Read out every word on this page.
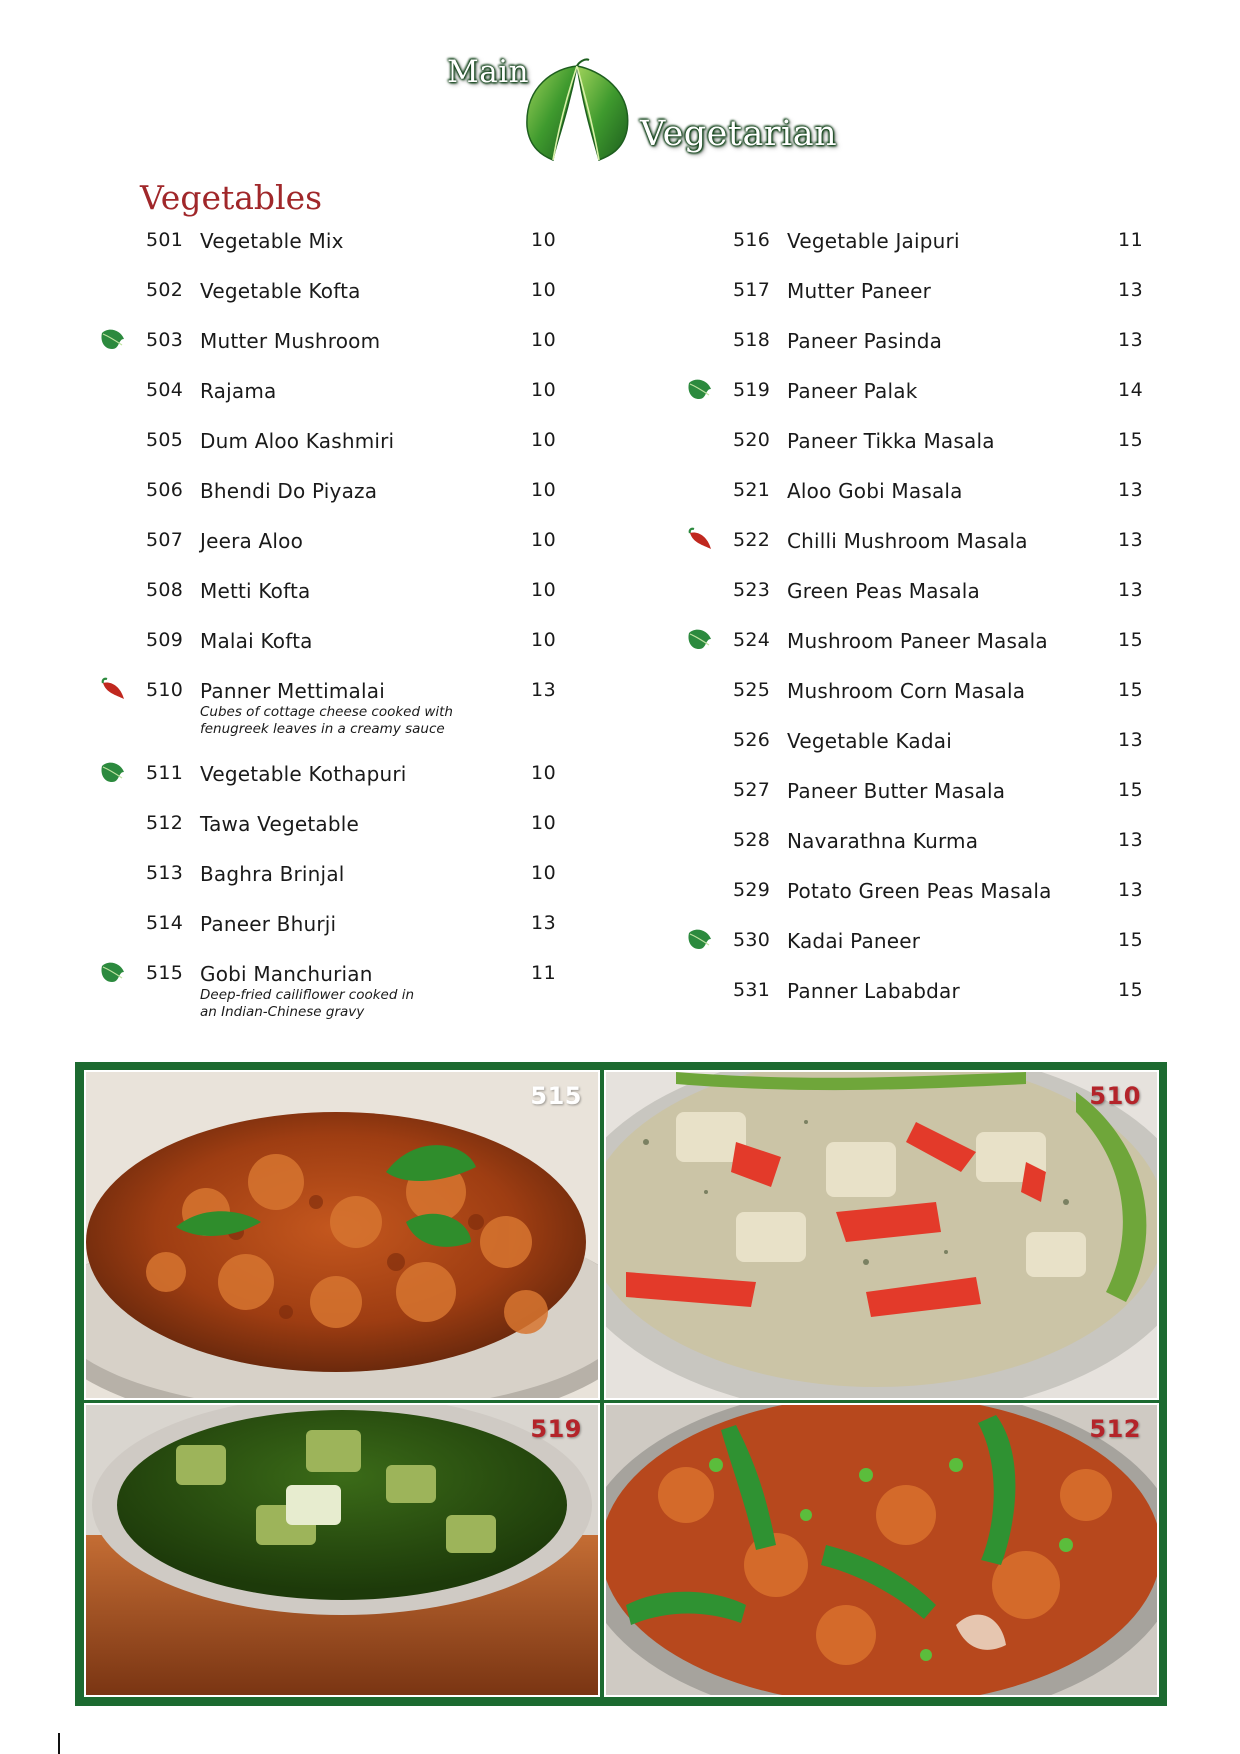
Main
Vegetarian
Vegetables
501 Vegetable Mix	10
502 Vegetable Kofta	10
503 Mutter Mushroom	10
504 Rajama	10
505 Dum Aloo Kashmiri	10
506 Bhendi Do Piyaza	10
507 Jeera Aloo	10
508 Metti Kofta	10
509 Malai Kofta	10
510 Panner Mettimalai	13
Cubes of cottage cheese cooked with
fenugreek leaves in a creamy sauce
511 Vegetable Kothapuri	10
512 Tawa Vegetable	10
513 Baghra Brinjal	10
514 Paneer Bhurji	13
515 Gobi Manchurian	11
Deep-fried cailiflower cooked in
an Indian-Chinese gravy
516 Vegetable Jaipuri	11
517 Mutter Paneer	13
518 Paneer Pasinda	13
519 Paneer Palak	14
520 Paneer Tikka Masala	15
521 Aloo Gobi Masala	13
522 Chilli Mushroom Masala	13
523 Green Peas Masala	13
524 Mushroom Paneer Masala	15
525 Mushroom Corn Masala	15
526 Vegetable Kadai	13
527 Paneer Butter Masala	15
528 Navarathna Kurma	13
529 Potato Green Peas Masala	13
530 Kadai Paneer	15
531 Panner Lababdar	15
515	510
519	512
